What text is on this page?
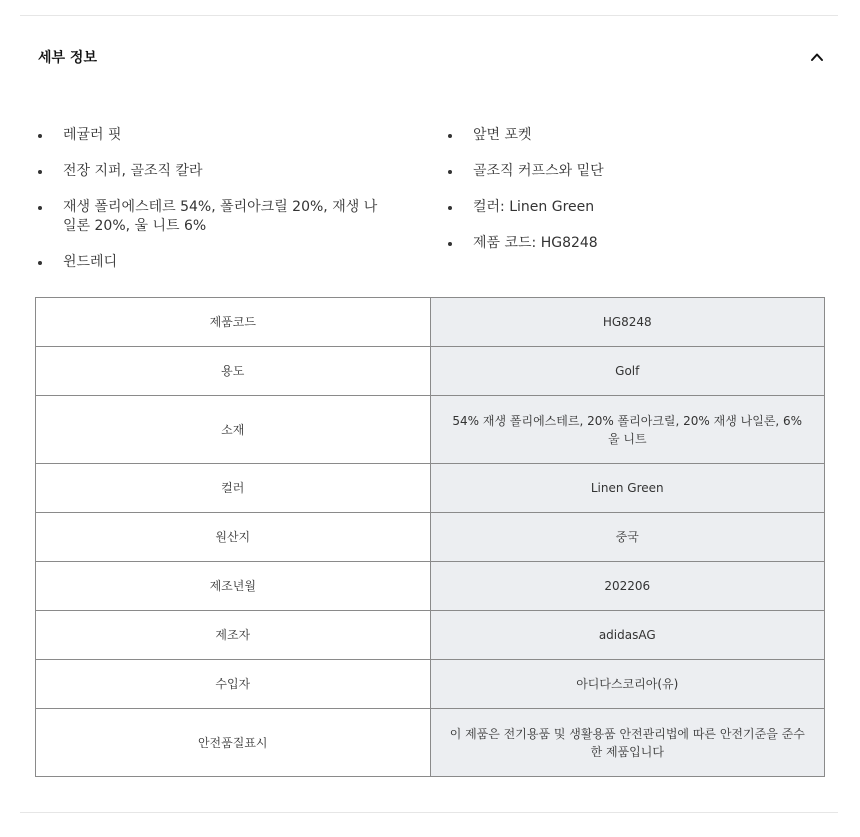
세부 정보
레귤러 핏
전장 지퍼, 골조직 칼라
재생 폴리에스테르 54%, 폴리아크릴 20%, 재생 나일론 20%, 울 니트 6%
윈드레디
앞면 포켓
골조직 커프스와 밑단
컬러: Linen Green
제품 코드: HG8248
제품코드	HG8248
용도	Golf
소재	54% 재생 폴리에스테르, 20% 폴리아크릴, 20% 재생 나일론, 6% 울 니트
컬러	Linen Green
원산지	중국
제조년월	202206
제조자	adidasAG
수입자	아디다스코리아(유)
안전품질표시	이 제품은 전기용품 및 생활용품 안전관리법에 따른 안전기준을 준수한 제품입니다
